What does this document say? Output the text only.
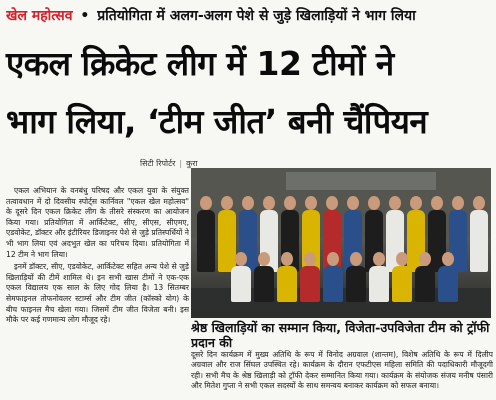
खेल महोत्सव • प्रतियोगिता में अलग-अलग पेशे से जुड़े खिलाड़ियों ने भाग लिया
एकल क्रिकेट लीग में 12 टीमों ने
भाग लिया, ‘टीम जीत’ बनी चैंपियन
सिटी रिपोर्टर | कुरा

एकल अभियान के वनबंधु परिषद और एकल युवा के संयुक्त तत्वावधान में दो दिवसीय स्पोर्ट्स कार्निवल "एकल खेल महोत्सव" के दूसरे दिन एकल क्रिकेट लीग के तीसरे संस्करण का आयोजन किया गया। प्रतियोगिता में आर्किटेक्ट, सीए, सीएस, सीएमए, एडवोकेट, डॉक्टर और इंटीरियर डिजाइनर पेशे से जुड़े प्रतिस्पर्धियों ने भी भाग लिया एवं अदभुत खेल का परिचय दिया। प्रतियोगिता में 12 टीम ने भाग लिया।

इनमें डॉक्टर, सीए, एडवोकेट, आर्किटेक्ट सहित अन्य पेशे से जुड़े खिलाड़ियों की टीमें शामिल थे। इन सभी खास टीमों ने एक-एक एकल विद्यालय एक साल के लिए गोद लिया है। 13 सितम्बर सेमफाइनल तोफनोवलर स्टार्म्स और टीम जीत (कॉस्को योग) के बीच फाइनल मैच खेला गया। जिसमें टीम जीत विजेता बनी। इस मौके पर कई गणमान्य लोग मौजूद रहे।

श्रेष्ठ खिलाड़ियों का सम्मान किया, विजेता-उपविजेता टीम को ट्रॉफी प्रदान की
दूसरे दिन कार्यक्रम में मुख्य अतिथि के रूप में विनोद अग्रवाल (शान्तम), विशेष अतिथि के रूप में दिलीप अग्रवाल और राज सिंघल उपस्थित रहे। कार्यक्रम के दौरान एफटीएस महिला समिति की पदाधिकारी मौजूदगी रही। सभी मैच के श्रेष्ठ खिलाड़ी को ट्रॉफी देकर सम्मानित किया गया। कार्यक्रम के संयोजक संजय मनीष पंसारी और मितेश गुप्ता ने सभी एकल सदस्यों के साथ समन्वय बनाकर कार्यक्रम को सफल बनाया।
